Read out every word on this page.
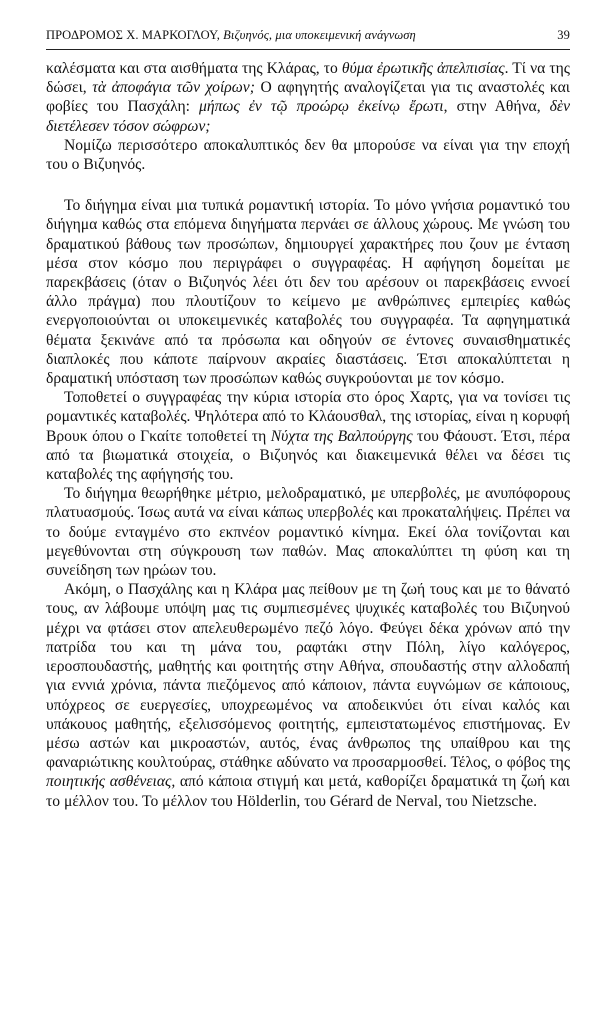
ΠΡΟΔΡΟΜΟΣ Χ. ΜΑΡΚΟΓΛΟΥ, Βιζυηνός, μια υποκειμενική ανάγνωση	39

καλέσματα και στα αισθήματα της Κλάρας, το θύμα ἐρωτικῆς ἀπελπισίας. Τί να της δώσει, τὰ ἀποφάγια τῶν χοίρων; Ο αφηγητής αναλογίζεται για τις αναστολές και φοβίες του Πασχάλη: μήπως ἐν τῷ προώρῳ ἐκείνῳ ἔρωτι, στην Αθήνα, δὲν διετέλεσεν τόσον σώφρων;

Νομίζω περισσότερο αποκαλυπτικός δεν θα μπορούσε να είναι για την εποχή του ο Βιζυηνός.

Το διήγημα είναι μια τυπικά ρομαντική ιστορία. Το μόνο γνήσια ρομαντικό του διήγημα καθώς στα επόμενα διηγήματα περνάει σε άλλους χώρους. Με γνώση του δραματικού βάθους των προσώπων, δημιουργεί χαρακτήρες που ζουν με ένταση μέσα στον κόσμο που περιγράφει ο συγγραφέας. Η αφήγηση δομείται με παρεκβάσεις (όταν ο Βιζυηνός λέει ότι δεν του αρέσουν οι παρεκβάσεις εννοεί άλλο πράγμα) που πλουτίζουν το κείμενο με ανθρώπινες εμπειρίες καθώς ενεργοποιούνται οι υποκειμενικές καταβολές του συγγραφέα. Τα αφηγηματικά θέματα ξεκινάνε από τα πρόσωπα και οδηγούν σε έντονες συναισθηματικές διαπλοκές που κάποτε παίρνουν ακραίες διαστάσεις. Έτσι αποκαλύπτεται η δραματική υπόσταση των προσώπων καθώς συγκρούονται με τον κόσμο.

Τοποθετεί ο συγγραφέας την κύρια ιστορία στο όρος Χαρτς, για να τονίσει τις ρομαντικές καταβολές. Ψηλότερα από το Κλάουσθαλ, της ιστορίας, είναι η κορυφή Βρουκ όπου ο Γκαίτε τοποθετεί τη Νύχτα της Βαλπούργης του Φάουστ. Έτσι, πέρα από τα βιωματικά στοιχεία, ο Βιζυηνός και διακειμενικά θέλει να δέσει τις καταβολές της αφήγησής του.

Το διήγημα θεωρήθηκε μέτριο, μελοδραματικό, με υπερβολές, με ανυπόφορους πλατυασμούς. Ίσως αυτά να είναι κάπως υπερβολές και προκαταλήψεις. Πρέπει να το δούμε ενταγμένο στο εκπνέον ρομαντικό κίνημα. Εκεί όλα τονίζονται και μεγεθύνονται στη σύγκρουση των παθών. Μας αποκαλύπτει τη φύση και τη συνείδηση των ηρώων του.

Ακόμη, ο Πασχάλης και η Κλάρα μας πείθουν με τη ζωή τους και με το θάνατό τους, αν λάβουμε υπόψη μας τις συμπιεσμένες ψυχικές καταβολές του Βιζυηνού μέχρι να φτάσει στον απελευθερωμένο πεζό λόγο. Φεύγει δέκα χρόνων από την πατρίδα του και τη μάνα του, ραφτάκι στην Πόλη, λίγο καλόγερος, ιεροσπουδαστής, μαθητής και φοιτητής στην Αθήνα, σπουδαστής στην αλλοδαπή για εννιά χρόνια, πάντα πιεζόμενος από κάποιον, πάντα ευγνώμων σε κάποιους, υπόχρεος σε ευεργεσίες, υποχρεωμένος να αποδεικνύει ότι είναι καλός και υπάκουος μαθητής, εξελισσόμενος φοιτητής, εμπειστατωμένος επιστήμονας. Εν μέσω αστών και μικροαστών, αυτός, ένας άνθρωπος της υπαίθρου και της φαναριώτικης κουλτούρας, στάθηκε αδύνατο να προσαρμοσθεί. Τέλος, ο φόβος της ποιητικής ασθένειας, από κάποια στιγμή και μετά, καθορίζει δραματικά τη ζωή και το μέλλον του. Το μέλλον του Hölderlin, του Gérard de Nerval, του Nietzsche.
